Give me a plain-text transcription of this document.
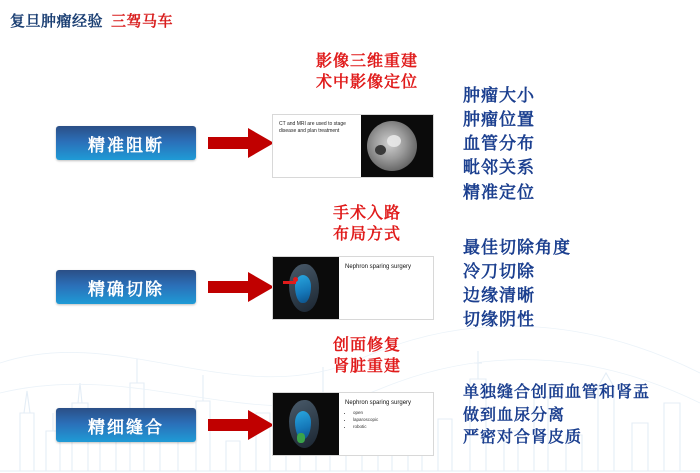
复旦肿瘤经验 三驾马车
精准阻断
影像三维重建
术中影像定位
CT and MRI are used to stage disease and plan treatment
肿瘤大小
肿瘤位置
血管分布
毗邻关系
精准定位
精确切除
手术入路
布局方式
Nephron sparing surgery
最佳切除角度
冷刀切除
边缘清晰
切缘阴性
精细缝合
创面修复
肾脏重建
Nephron sparing surgery
• open
• laparoscopic
• robotic
单独缝合创面血管和肾盂
做到血尿分离
严密对合肾皮质
